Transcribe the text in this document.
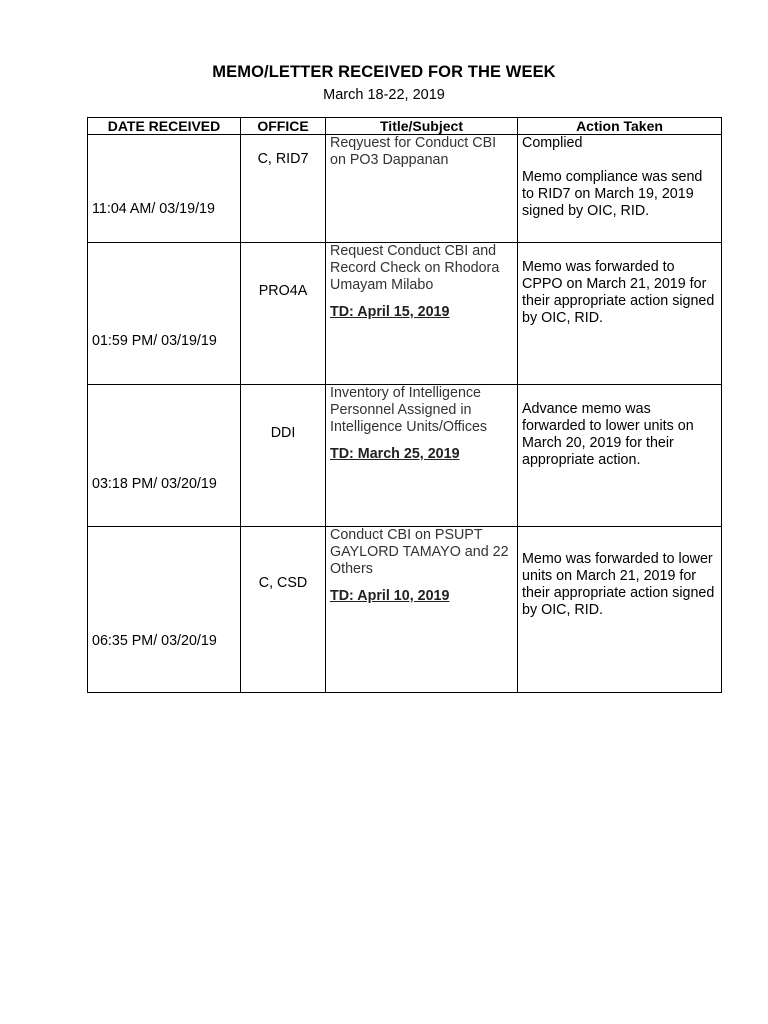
MEMO/LETTER RECEIVED FOR THE WEEK
March 18-22, 2019
DATE RECEIVED	OFFICE	Title/Subject	Action Taken
11:04 AM/ 03/19/19	C, RID7	Reqyuest for Conduct CBI on PO3 Dappanan	Complied
Memo compliance was send to RID7 on March 19, 2019 signed by OIC, RID.
01:59 PM/ 03/19/19	PRO4A	Request Conduct CBI and Record Check on Rhodora Umayam Milabo
TD: April 15, 2019	Memo was forwarded to CPPO on March 21, 2019 for their appropriate action signed by OIC, RID.
03:18 PM/ 03/20/19	DDI	Inventory of Intelligence Personnel Assigned in Intelligence Units/Offices
TD: March 25, 2019	Advance memo was forwarded to lower units on March 20, 2019 for their appropriate action.
06:35 PM/ 03/20/19	C, CSD	Conduct CBI on PSUPT GAYLORD TAMAYO and 22 Others
TD: April 10, 2019	Memo was forwarded to lower units on March 21, 2019 for their appropriate action signed by OIC, RID.
